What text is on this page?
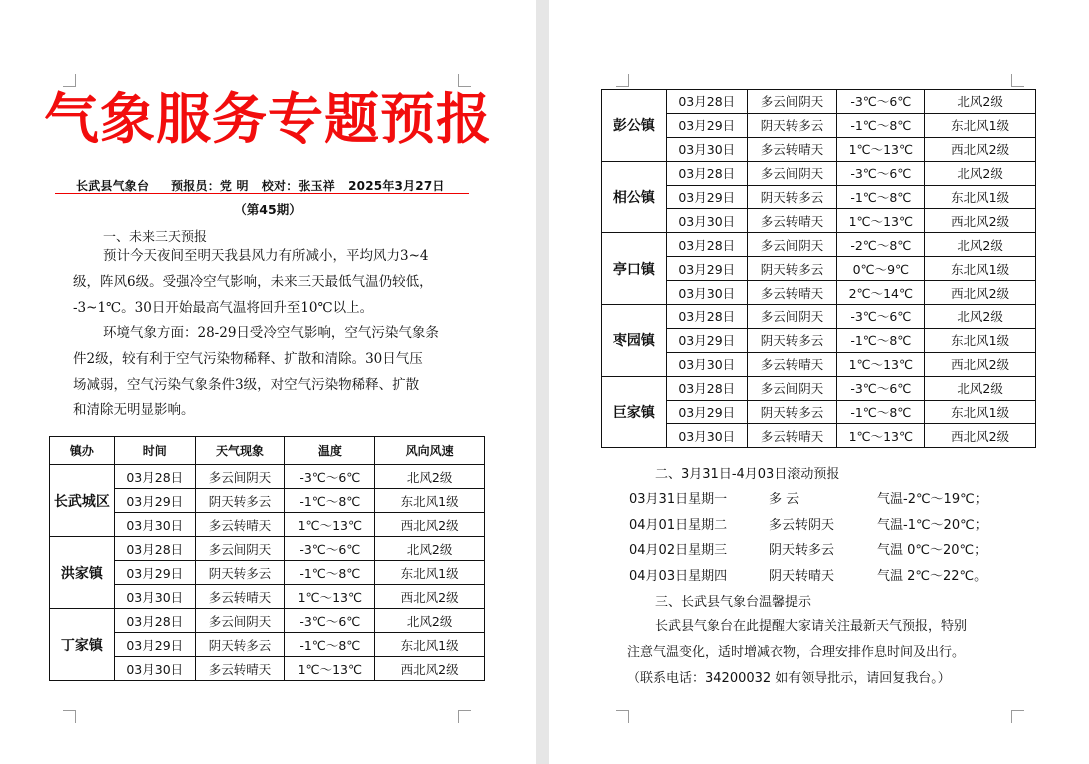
气象服务专题预报
长武县气象台     预报员：党 明   校对：张玉祥   2025年3月27日
（第45期）
一、未来三天预报
预计今天夜间至明天我县风力有所减小，平均风力3~4
级，阵风6级。受强冷空气影响，未来三天最低气温仍较低，
-3~1℃。30日开始最高气温将回升至10℃以上。
环境气象方面：28-29日受冷空气影响，空气污染气象条
件2级，较有利于空气污染物稀释、扩散和清除。30日气压
场减弱，空气污染气象条件3级，对空气污染物稀释、扩散
和清除无明显影响。
镇办	时间	天气现象	温度	风向风速
长武城区	03月28日	多云间阴天	-3℃～6℃	北风2级
	03月29日	阴天转多云	-1℃～8℃	东北风1级
	03月30日	多云转晴天	1℃～13℃	西北风2级
洪家镇	03月28日	多云间阴天	-3℃～6℃	北风2级
	03月29日	阴天转多云	-1℃～8℃	东北风1级
	03月30日	多云转晴天	1℃～13℃	西北风2级
丁家镇	03月28日	多云间阴天	-3℃～6℃	北风2级
	03月29日	阴天转多云	-1℃～8℃	东北风1级
	03月30日	多云转晴天	1℃～13℃	西北风2级
彭公镇	03月28日	多云间阴天	-3℃～6℃	北风2级
	03月29日	阴天转多云	-1℃～8℃	东北风1级
	03月30日	多云转晴天	1℃～13℃	西北风2级
相公镇	03月28日	多云间阴天	-3℃～6℃	北风2级
	03月29日	阴天转多云	-1℃～8℃	东北风1级
	03月30日	多云转晴天	1℃～13℃	西北风2级
亭口镇	03月28日	多云间阴天	-2℃～8℃	北风2级
	03月29日	阴天转多云	0℃～9℃	东北风1级
	03月30日	多云转晴天	2℃～14℃	西北风2级
枣园镇	03月28日	多云间阴天	-3℃～6℃	北风2级
	03月29日	阴天转多云	-1℃～8℃	东北风1级
	03月30日	多云转晴天	1℃～13℃	西北风2级
巨家镇	03月28日	多云间阴天	-3℃～6℃	北风2级
	03月29日	阴天转多云	-1℃～8℃	东北风1级
	03月30日	多云转晴天	1℃～13℃	西北风2级
二、3月31日-4月03日滚动预报
03月31日星期一	多 云	气温-2℃～19℃；
04月01日星期二	多云转阴天	气温-1℃～20℃；
04月02日星期三	阴天转多云	气温 0℃～20℃；
04月03日星期四	阴天转晴天	气温 2℃～22℃。
三、长武县气象台温馨提示
长武县气象台在此提醒大家请关注最新天气预报，特别
注意气温变化，适时增减衣物，合理安排作息时间及出行。
（联系电话：34200032 如有领导批示，请回复我台。）
